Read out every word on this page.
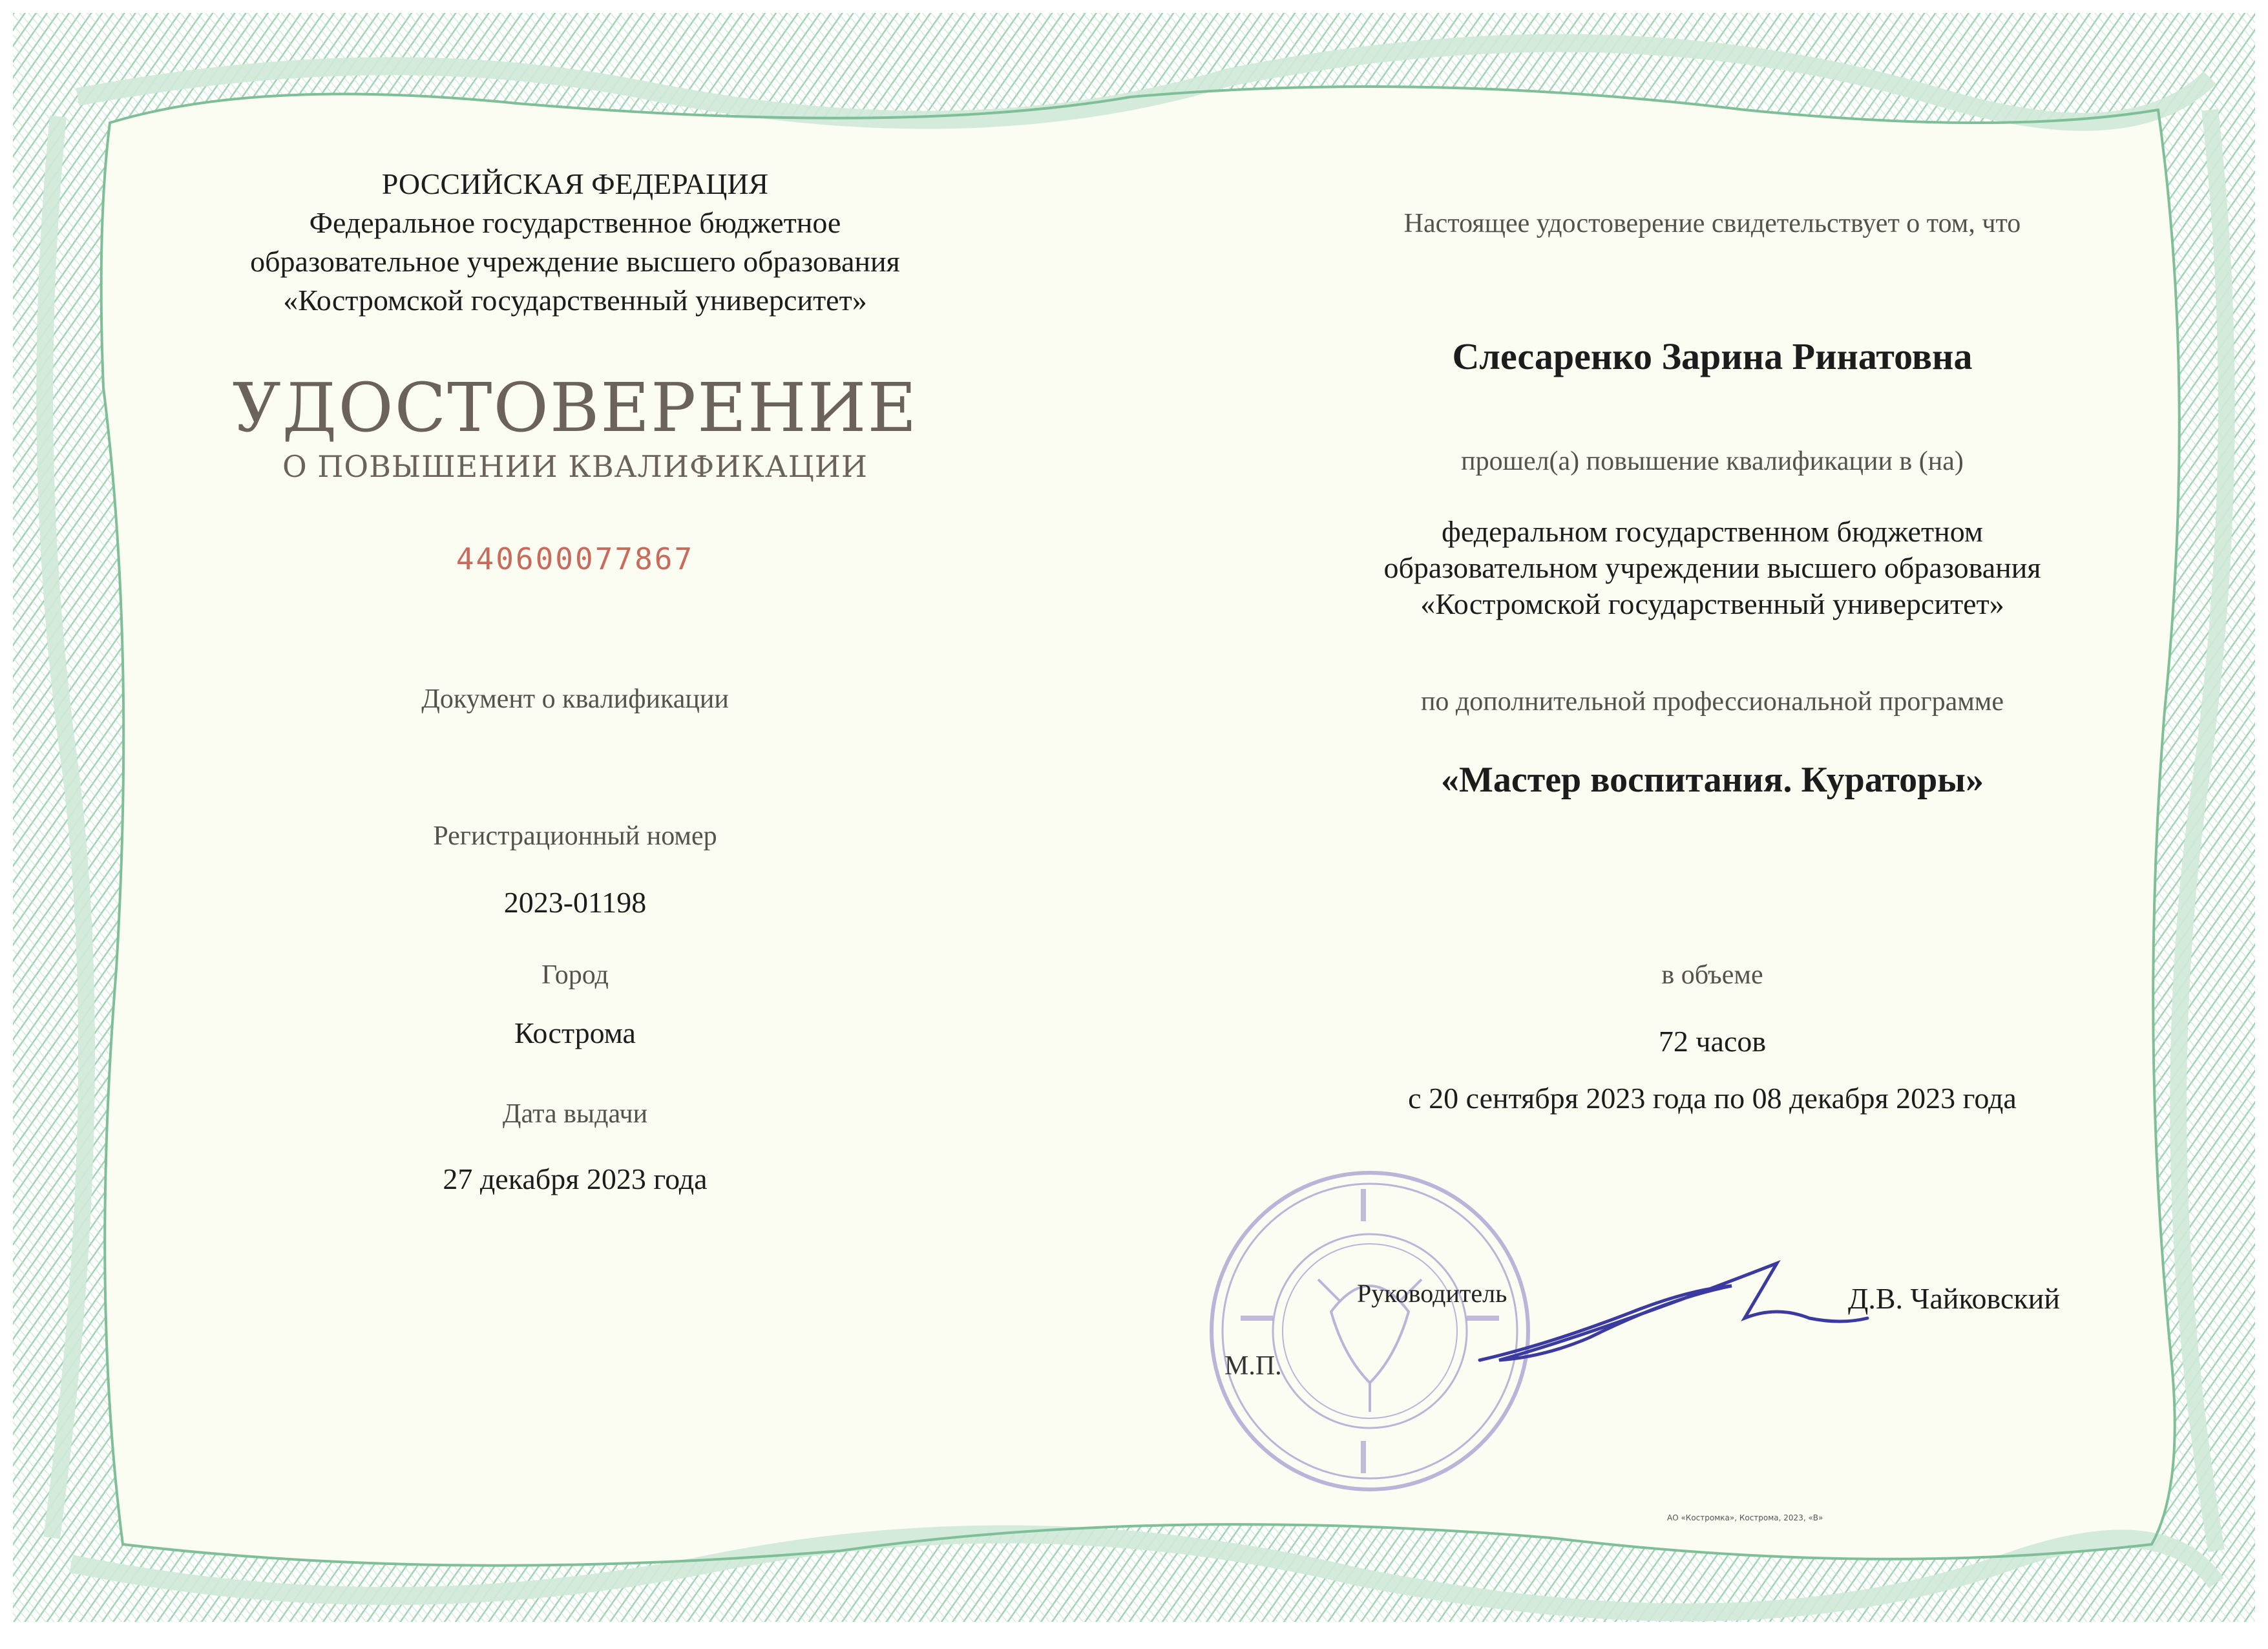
РОССИЙСКАЯ ФЕДЕРАЦИЯ

Федеральное государственное бюджетное

образовательное учреждение высшего образования

«Костромской государственный университет»

УДОСТОВЕРЕНИЕ

О ПОВЫШЕНИИ КВАЛИФИКАЦИИ

440600077867

Документ о квалификации

Регистрационный номер

2023-01198

Город

Кострома

Дата выдачи

27 декабря 2023 года

Настоящее удостоверение свидетельствует о том, что

Слесаренко Зарина Ринатовна

прошел(а) повышение квалификации в (на)

федеральном государственном бюджетном

образовательном учреждении высшего образования

«Костромской государственный университет»

по дополнительной профессиональной программе

«Мастер воспитания. Кураторы»

в объеме

72 часов

с 20 сентября 2023 года по 08 декабря 2023 года

М.П.

Руководитель	Д.В. Чайковский

АО «Костромка», Кострома, 2023, «В»
